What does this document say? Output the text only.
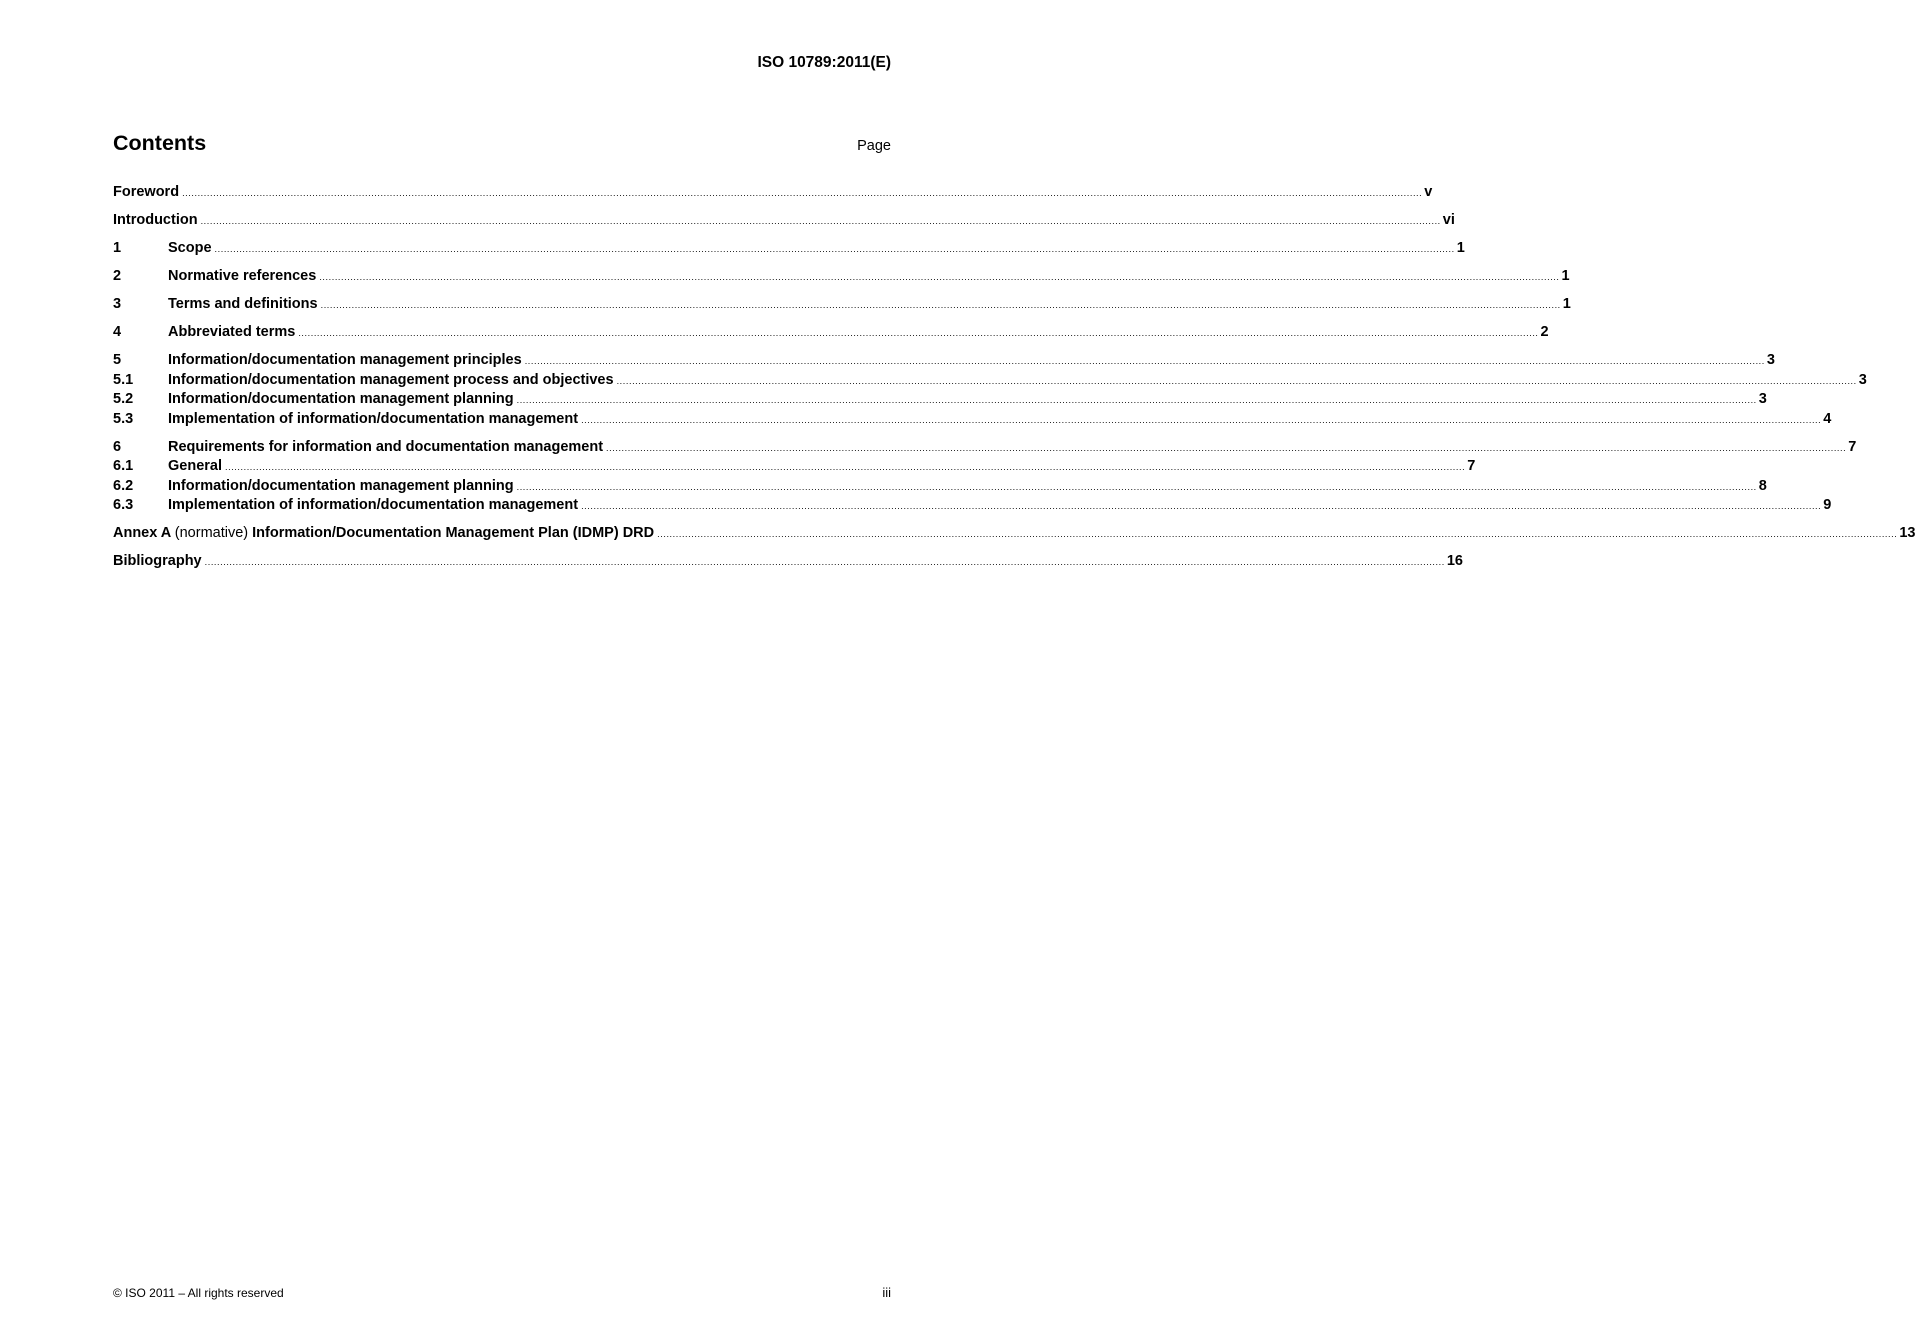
ISO 10789:2011(E)
Contents	Page
Foreword ................................................................................................................................................................................................................................................................................................................................................................................................................ v
Introduction ................................................................................................................................................................................................................................................................................................................................................................................................................ vi
1	Scope ................................................................................................................................................................................................................................................................................................................................................................................................................ 1
2	Normative references ................................................................................................................................................................................................................................................................................................................................................................................................................ 1
3	Terms and definitions ................................................................................................................................................................................................................................................................................................................................................................................................................ 1
4	Abbreviated terms ................................................................................................................................................................................................................................................................................................................................................................................................................ 2
5	Information/documentation management principles ................................................................................................................................................................................................................................................................................................................................................................................................................ 3
5.1	Information/documentation management process and objectives ................................................................................................................................................................................................................................................................................................................................................................................................................ 3
5.2	Information/documentation management planning ................................................................................................................................................................................................................................................................................................................................................................................................................ 3
5.3	Implementation of information/documentation management ................................................................................................................................................................................................................................................................................................................................................................................................................ 4
6	Requirements for information and documentation management ................................................................................................................................................................................................................................................................................................................................................................................................................ 7
6.1	General ................................................................................................................................................................................................................................................................................................................................................................................................................ 7
6.2	Information/documentation management planning ................................................................................................................................................................................................................................................................................................................................................................................................................ 8
6.3	Implementation of information/documentation management ................................................................................................................................................................................................................................................................................................................................................................................................................ 9
Annex A (normative) Information/Documentation Management Plan (IDMP) DRD ................................................................................................................................................................................................................................................................................................................................................................................................................ 13
Bibliography ................................................................................................................................................................................................................................................................................................................................................................................................................ 16
© ISO 2011 – All rights reserved	iii
